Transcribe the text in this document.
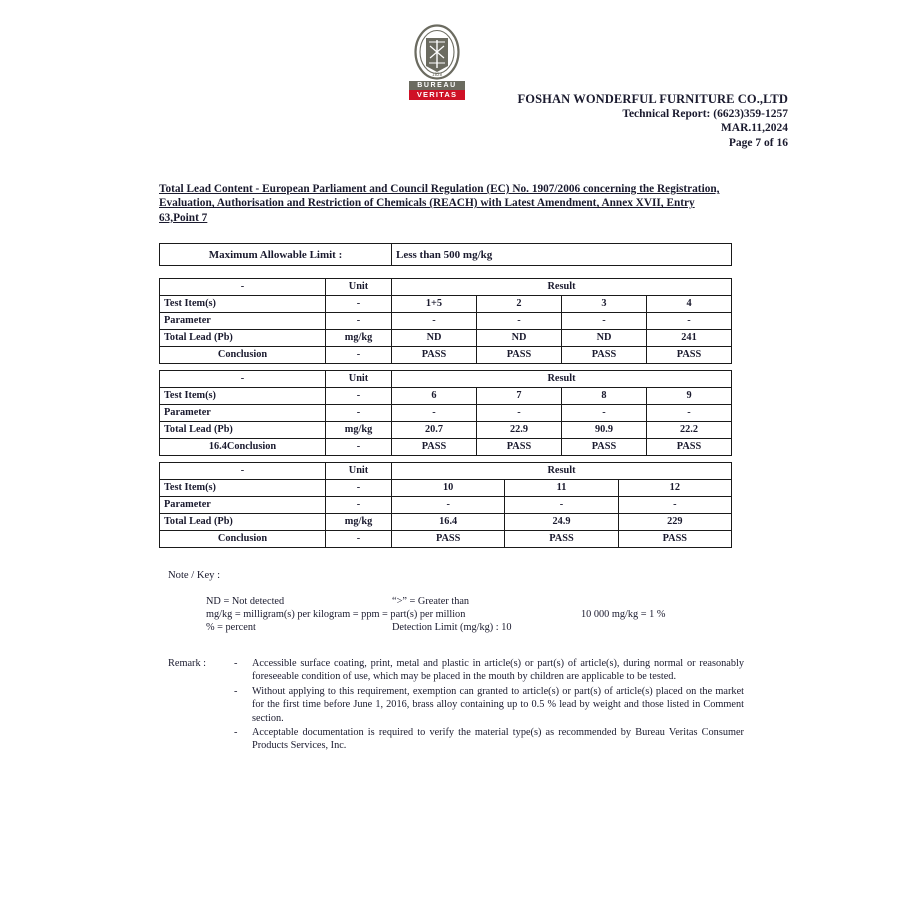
1828
BUREAU
VERITAS	FOSHAN WONDERFUL FURNITURE CO.,LTD
Technical Report: (6623)359-1257
MAR.11,2024
Page 7 of 16
Total Lead Content - European Parliament and Council Regulation (EC) No. 1907/2006 concerning the Registration, Evaluation, Authorisation and Restriction of Chemicals (REACH) with Latest Amendment, Annex XVII, Entry 63,Point 7
Maximum Allowable Limit :	Less than 500 mg/kg
-	Unit	Result			
Test Item(s)	-	1+5	2	3	4
Parameter	-	-	-	-	-
Total Lead (Pb)	mg/kg	ND	ND	ND	241
Conclusion	-	PASS	PASS	PASS	PASS
-	Unit	Result			
Test Item(s)	-	6	7	8	9
Parameter	-	-	-	-	-
Total Lead (Pb)	mg/kg	20.7	22.9	90.9	22.2
16.4Conclusion	-	PASS	PASS	PASS	PASS
-	Unit	Result		
Test Item(s)	-	10	11	12
Parameter	-	-	-	-
Total Lead (Pb)	mg/kg	16.4	24.9	229
Conclusion	-	PASS	PASS	PASS
Note / Key :
ND = Not detected	“>” = Greater than
mg/kg = milligram(s) per kilogram = ppm = part(s) per million	10 000 mg/kg = 1 %
% = percent	Detection Limit (mg/kg) : 10
Remark :	- Accessible surface coating, print, metal and plastic in article(s) or part(s) of article(s), during normal or reasonably foreseeable condition of use, which may be placed in the mouth by children are applicable to be tested.
- Without applying to this requirement, exemption can granted to article(s) or part(s) of article(s) placed on the market for the first time before June 1, 2016, brass alloy containing up to 0.5 % lead by weight and those listed in Comment section.
- Acceptable documentation is required to verify the material type(s) as recommended by Bureau Veritas Consumer Products Services, Inc.
